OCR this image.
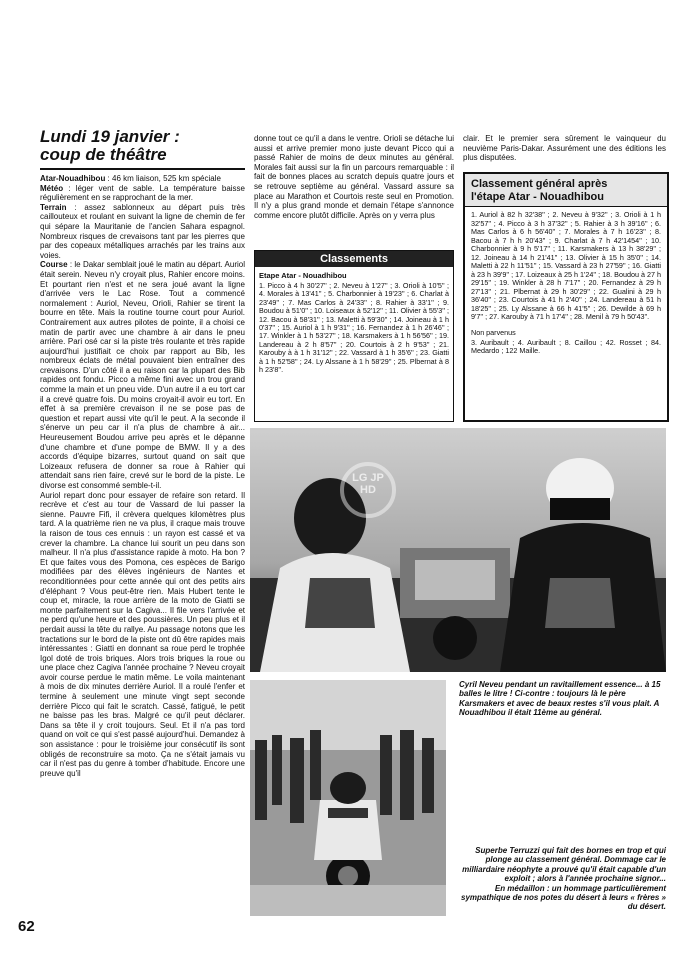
Lundi 19 janvier :
coup de théâtre

Atar-Nouadhibou : 46 km liaison, 525 km spéciale

Météo : léger vent de sable. La température baisse régulièrement en se rapprochant de la mer.

Terrain : assez sablonneux au départ puis très caillouteux et roulant en suivant la ligne de chemin de fer qui sépare la Mauritanie de l'ancien Sahara espagnol. Nombreux risques de crevaisons tant par les pierres que par des copeaux métalliques arrachés par les trains aux voies.

Course : le Dakar semblait joué le matin au départ. Auriol était serein. Neveu n'y croyait plus, Rahier encore moins. Et pourtant rien n'est et ne sera joué avant la ligne d'arrivée vers le Lac Rose. Tout a commencé normalement : Auriol, Neveu, Orioli, Rahier se tirent la bourre en tête. Mais la routine tourne court pour Auriol. Contrairement aux autres pilotes de pointe, il a choisi ce matin de partir avec une chambre à air dans le pneu arrière. Pari osé car si la piste très roulante et très rapide aujourd'hui justifiait ce choix par rapport au Bib, les nombreux éclats de métal pouvaient bien entraîner des crevaisons. D'un côté il a eu raison car la plupart des Bib rapides ont fondu. Picco a même fini avec un trou grand comme la main et un pneu vide. D'un autre il a eu tort car il a crevé quatre fois. Du moins croyait-il avoir eu tort. En effet à sa première crevaison il ne se pose pas de question et repart aussi vite qu'il le peut. A la seconde il s'énerve un peu car il n'a plus de chambre à air... Heureusement Boudou arrive peu après et le dépanne d'une chambre et d'une pompe de BMW. Il y a des accords d'équipe bizarres, surtout quand on sait que Loizeaux refusera de donner sa roue à Rahier qui attendait sans rien faire, crevé sur le bord de la piste. Le divorse est consommé semble-t-il.

Auriol repart donc pour essayer de refaire son retard. Il recrève et c'est au tour de Vassard de lui passer la sienne. Pauvre Fifi, il crèvera quelques kilomètres plus tard. A la quatrième rien ne va plus, il craque mais trouve la raison de tous ces ennuis : un rayon est cassé et va crever la chambre. La chance lui sourit un peu dans son malheur. Il n'a plus d'assistance rapide à moto. Ha bon ? Et que faites vous des Pomona, ces espèces de Barigo modifiées par des élèves ingénieurs de Nantes et reconditionnées pour cette année qui ont des petits airs d'éléphant ? Vous peut-être rien. Mais Hubert tente le coup et, miracle, la roue arrière de la moto de Giatti se monte parfaitement sur la Cagiva... Il file vers l'arrivée et ne perd qu'une heure et des poussières. Un peu plus et il perdait aussi la tête du rallye. Au passage notons que les tractations sur le bord de la piste ont dû être rapides mais intéressantes : Giatti en donnant sa roue perd le trophée Igol doté de trois briques. Alors trois briques la roue ou une place chez Cagiva l'année prochaine ? Neveu croyait avoir course perdue le matin même. Le voila maintenant à mois de dix minutes derrière Auriol. Il a roulé l'enfer et termine à seulement une minute vingt sept seconde derrière Picco qui fait le scratch. Cassé, fatigué, le petit ne baisse pas les bras. Malgré ce qu'il peut déclarer. Dans sa tête il y croit toujours. Seul. Et il n'a pas tord quand on voit ce qui s'est passé aujourd'hui. Demandez à son assistance : pour le troisième jour consécutif ils sont obligés de reconstruire sa moto. Ça ne s'était jamais vu car il n'est pas du genre à tomber d'habitude. Encore une preuve qu'il

donne tout ce qu'il a dans le ventre. Orioli se détache lui aussi et arrive premier mono juste devant Picco qui a passé Rahier de moins de deux minutes au général. Morales fait aussi sur la fin un parcours remarquable : il fait de bonnes places au scratch depuis quatre jours et se retrouve septième au général. Vassard assure sa place au Marathon et Courtois reste seul en Promotion. Il n'y a plus grand monde et demain l'étape s'annonce comme encore plutôt difficile. Après on y verra plus

Classements
Etape Atar - Nouadhibou
1. Picco à 4 h 30'27'' ; 2. Neveu à 1'27'' ; 3. Orioli à 10'5'' ; 4. Morales à 13'41'' ; 5. Charbonnier à 19'23'' ; 6. Charlat à 23'49'' ; 7. Mas Carlos à 24'33'' ; 8. Rahier à 33'1'' ; 9. Boudou à 51'0'' ; 10. Loiseaux à 52'12'' ; 11. Olivier à 55'3'' ; 12. Bacou à 58'31'' ; 13. Maletti à 59'30'' ; 14. Joineau à 1 h 0'37'' ; 15. Auriol à 1 h 9'31'' ; 16. Fernandez à 1 h 26'46'' ; 17. Winkler à 1 h 53'27'' ; 18. Karsmakers à 1 h 56'56'' ; 19. Landereau à 2 h 8'57'' ; 20. Courtois à 2 h 9'53'' ; 21. Karouby à à 1 h 31'12'' ; 22. Vassard à 1 h 35'6'' ; 23. Giatti à 1 h 52'58'' ; 24. Ly Alssane à 1 h 58'29'' ; 25. Plbernat à 8 h 23'8''.

clair. Et le premier sera sûrement le vainqueur du neuvième Paris-Dakar. Assurément une des éditions les plus disputées.

Classement général après
l'étape Atar - Nouadhibou
1. Auriol à 82 h 32'38'' ; 2. Neveu à 9'32'' ; 3. Orioli à 1 h 32'57'' ; 4. Picco à 3 h 37'32'' ; 5. Rahier à 3 h 39'16'' ; 6. Mas Carlos à 6 h 56'40'' ; 7. Morales à 7 h 16'23'' ; 8. Bacou à 7 h h 20'43'' ; 9. Charlat à 7 h 42'1454'' ; 10. Charbonnier à 9 h 5'17'' ; 11. Karsmakers à 13 h 38'29'' ; 12. Joineau à 14 h 21'41'' ; 13. Olivier à 15 h 35'0'' ; 14. Maletti à 22 h 11'51'' ; 15. Vassard à 23 h 27'59'' ; 16. Giatti à 23 h 39'9'' ; 17. Loizeaux à 25 h 1'24'' ; 18. Boudou à 27 h 29'15'' ; 19. Winkler à 28 h 7'17'' ; 20. Fernandez à 29 h 27'13'' ; 21. Plbernat à 29 h 30'29'' ; 22. Gualini à 29 h 36'40'' ; 23. Courtois à 41 h 2'40'' ; 24. Landereau à 51 h 18'25'' ; 25. Ly Alssane à 66 h 41'5'' ; 26. Dewilde à 69 h 9'7'' ; 27. Karouby à 71 h 17'4'' ; 28. Menil à 79 h 50'43''.
Non parvenus
3. Auribault ; 4. Auribault ; 8. Caillou ; 42. Rosset ; 84. Medardo ; 122 Maille.
LG JP HD
Cyril Neveu pendant un ravitaillement essence... à 15 balles le litre ! Ci-contre : toujours là le père Karsmakers et avec de beaux restes s'il vous plait. A Nouadhibou il était 11ème au général.
Superbe Terruzzi qui fait des bornes en trop et qui plonge au classement général. Dommage car le milliardaire néophyte a prouvé qu'il était capable d'un exploit ; alors à l'année prochaine signor...
En médaillon : un hommage particulièrement sympathique de nos potes du désert à leurs « frères » du désert.
62
